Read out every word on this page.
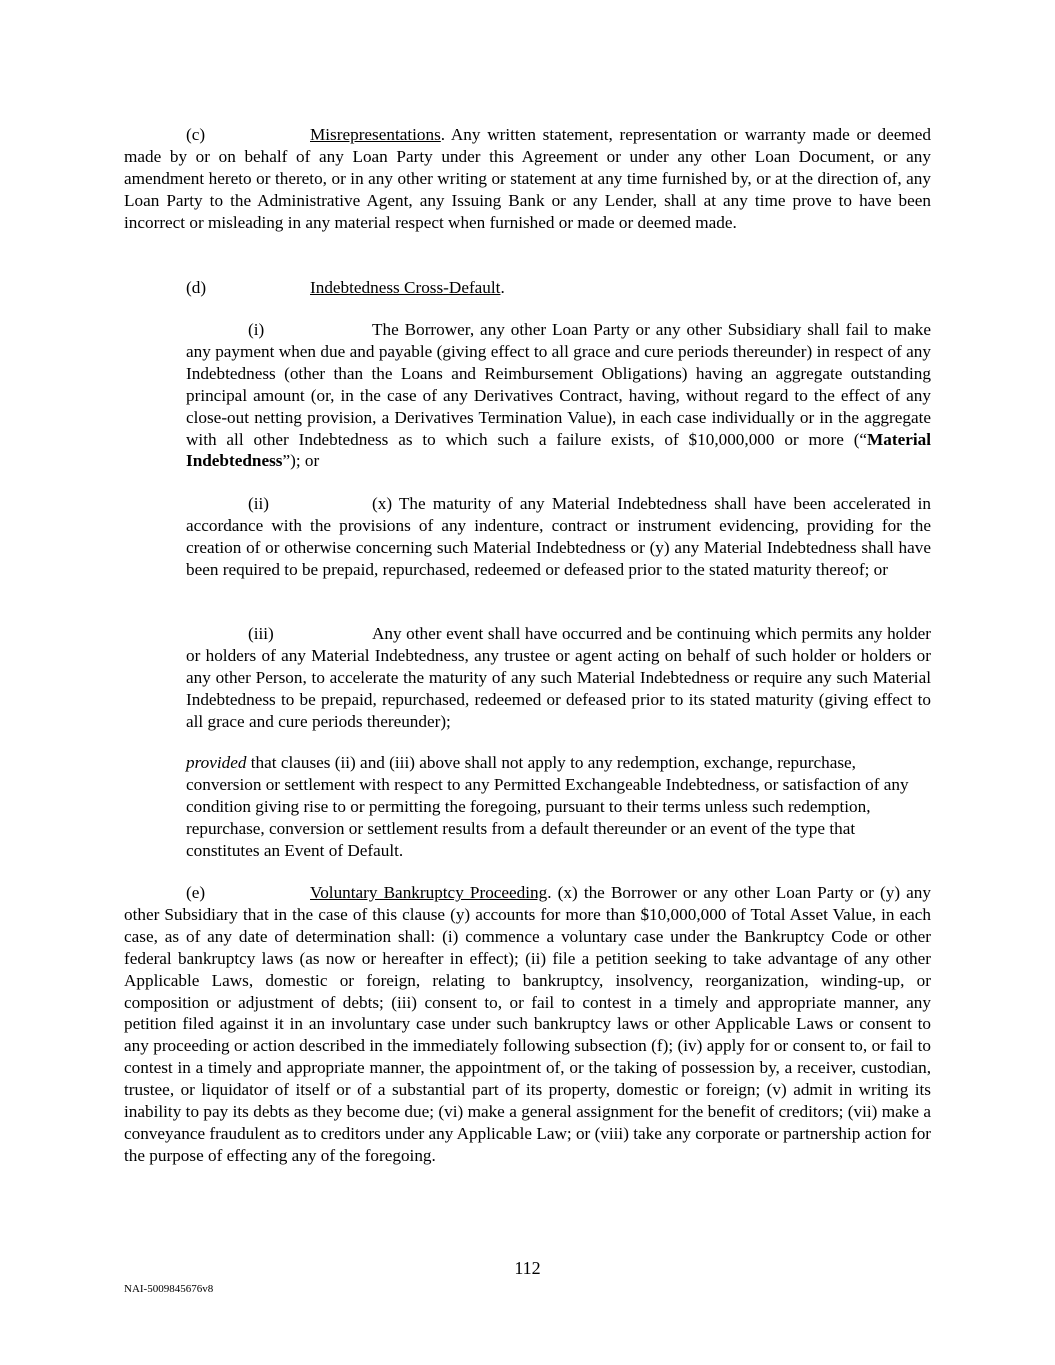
(c)	Misrepresentations. Any written statement, representation or warranty made or deemed made by or on behalf of any Loan Party under this Agreement or under any other Loan Document, or any amendment hereto or thereto, or in any other writing or statement at any time furnished by, or at the direction of, any Loan Party to the Administrative Agent, any Issuing Bank or any Lender, shall at any time prove to have been incorrect or misleading in any material respect when furnished or made or deemed made.

(d)	Indebtedness Cross-Default.

(i)	The Borrower, any other Loan Party or any other Subsidiary shall fail to make any payment when due and payable (giving effect to all grace and cure periods thereunder) in respect of any Indebtedness (other than the Loans and Reimbursement Obligations) having an aggregate outstanding principal amount (or, in the case of any Derivatives Contract, having, without regard to the effect of any close-out netting provision, a Derivatives Termination Value), in each case individually or in the aggregate with all other Indebtedness as to which such a failure exists, of $10,000,000 or more (“Material Indebtedness”); or

(ii)	(x) The maturity of any Material Indebtedness shall have been accelerated in accordance with the provisions of any indenture, contract or instrument evidencing, providing for the creation of or otherwise concerning such Material Indebtedness or (y) any Material Indebtedness shall have been required to be prepaid, repurchased, redeemed or defeased prior to the stated maturity thereof; or

(iii)	Any other event shall have occurred and be continuing which permits any holder or holders of any Material Indebtedness, any trustee or agent acting on behalf of such holder or holders or any other Person, to accelerate the maturity of any such Material Indebtedness or require any such Material Indebtedness to be prepaid, repurchased, redeemed or defeased prior to its stated maturity (giving effect to all grace and cure periods thereunder);

provided that clauses (ii) and (iii) above shall not apply to any redemption, exchange, repurchase, conversion or settlement with respect to any Permitted Exchangeable Indebtedness, or satisfaction of any condition giving rise to or permitting the foregoing, pursuant to their terms unless such redemption, repurchase, conversion or settlement results from a default thereunder or an event of the type that constitutes an Event of Default.

(e)	Voluntary Bankruptcy Proceeding. (x) the Borrower or any other Loan Party or (y) any other Subsidiary that in the case of this clause (y) accounts for more than $10,000,000 of Total Asset Value, in each case, as of any date of determination shall: (i) commence a voluntary case under the Bankruptcy Code or other federal bankruptcy laws (as now or hereafter in effect); (ii) file a petition seeking to take advantage of any other Applicable Laws, domestic or foreign, relating to bankruptcy, insolvency, reorganization, winding-up, or composition or adjustment of debts; (iii) consent to, or fail to contest in a timely and appropriate manner, any petition filed against it in an involuntary case under such bankruptcy laws or other Applicable Laws or consent to any proceeding or action described in the immediately following subsection (f); (iv) apply for or consent to, or fail to contest in a timely and appropriate manner, the appointment of, or the taking of possession by, a receiver, custodian, trustee, or liquidator of itself or of a substantial part of its property, domestic or foreign; (v) admit in writing its inability to pay its debts as they become due; (vi) make a general assignment for the benefit of creditors; (vii) make a conveyance fraudulent as to creditors under any Applicable Law; or (viii) take any corporate or partnership action for the purpose of effecting any of the foregoing.

112
NAI-5009845676v8
